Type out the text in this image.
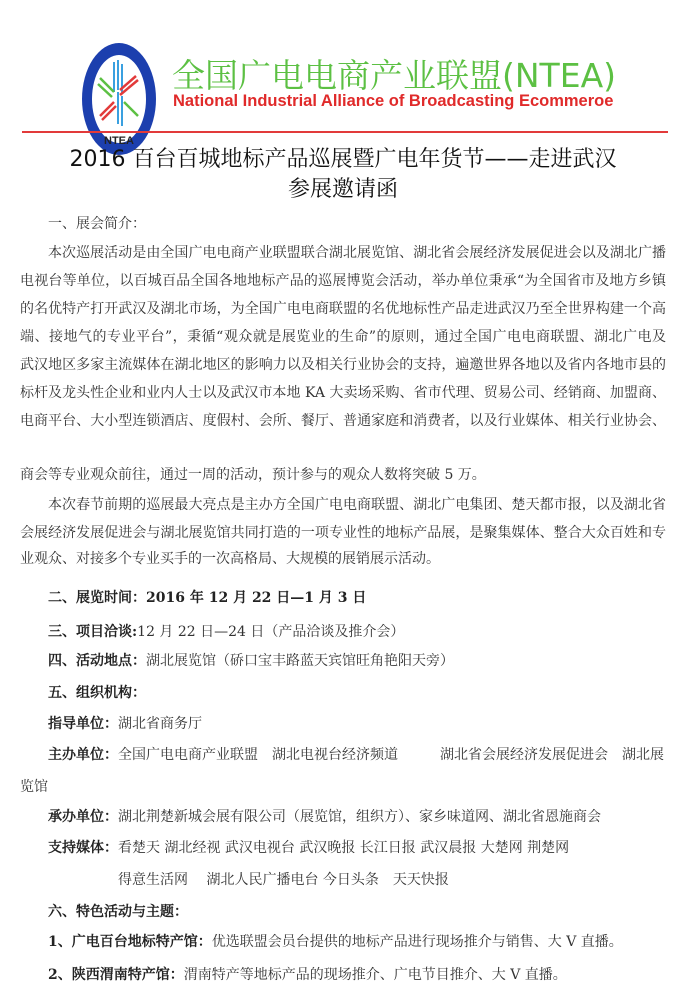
NTEA
全国广电电商产业联盟(NTEA)
National Industrial Alliance of Broadcasting Ecommeroe
2016 百台百城地标产品巡展暨广电年货节——走进武汉
参展邀请函
一、展会简介：
本次巡展活动是由全国广电电商产业联盟联合湖北展览馆、湖北省会展经济发展促进会以及湖北广播
电视台等单位，以百城百品全国各地地标产品的巡展博览会活动，举办单位秉承“为全国省市及地方乡镇
的名优特产打开武汉及湖北市场，为全国广电电商联盟的名优地标性产品走进武汉乃至全世界构建一个高
端、接地气的专业平台”，秉循“观众就是展览业的生命”的原则，通过全国广电电商联盟、湖北广电及
武汉地区多家主流媒体在湖北地区的影响力以及相关行业协会的支持，遍邀世界各地以及省内各地市县的
标杆及龙头性企业和业内人士以及武汉市本地 KA 大卖场采购、省市代理、贸易公司、经销商、加盟商、
电商平台、大小型连锁酒店、度假村、会所、餐厅、普通家庭和消费者，以及行业媒体、相关行业协会、
商会等专业观众前往，通过一周的活动，预计参与的观众人数将突破 5 万。
本次春节前期的巡展最大亮点是主办方全国广电电商联盟、湖北广电集团、楚天都市报，以及湖北省
会展经济发展促进会与湖北展览馆共同打造的一项专业性的地标产品展，是聚集媒体、整合大众百姓和专
业观众、对接多个专业买手的一次高格局、大规模的展销展示活动。
二、展览时间：2016 年 12 月 22 日—1 月 3 日
三、项目洽谈:12 月 22 日—24 日（产品洽谈及推介会）
四、活动地点：湖北展览馆（硚口宝丰路蓝天宾馆旺角艳阳天旁）
五、组织机构：
指导单位：湖北省商务厅
主办单位：全国广电电商产业联盟　湖北电视台经济频道　　　湖北省会展经济发展促进会　湖北展
览馆
承办单位：湖北荆楚新城会展有限公司（展览馆，组织方）、家乡味道网、湖北省恩施商会
支持媒体：看楚天 湖北经视 武汉电视台 武汉晚报 长江日报 武汉晨报 大楚网 荆楚网
得意生活网　 湖北人民广播电台 今日头条　天天快报
六、特色活动与主题：
1、广电百台地标特产馆：优选联盟会员台提供的地标产品进行现场推介与销售、大 V 直播。
2、陕西渭南特产馆：渭南特产等地标产品的现场推介、广电节目推介、大 V 直播。
